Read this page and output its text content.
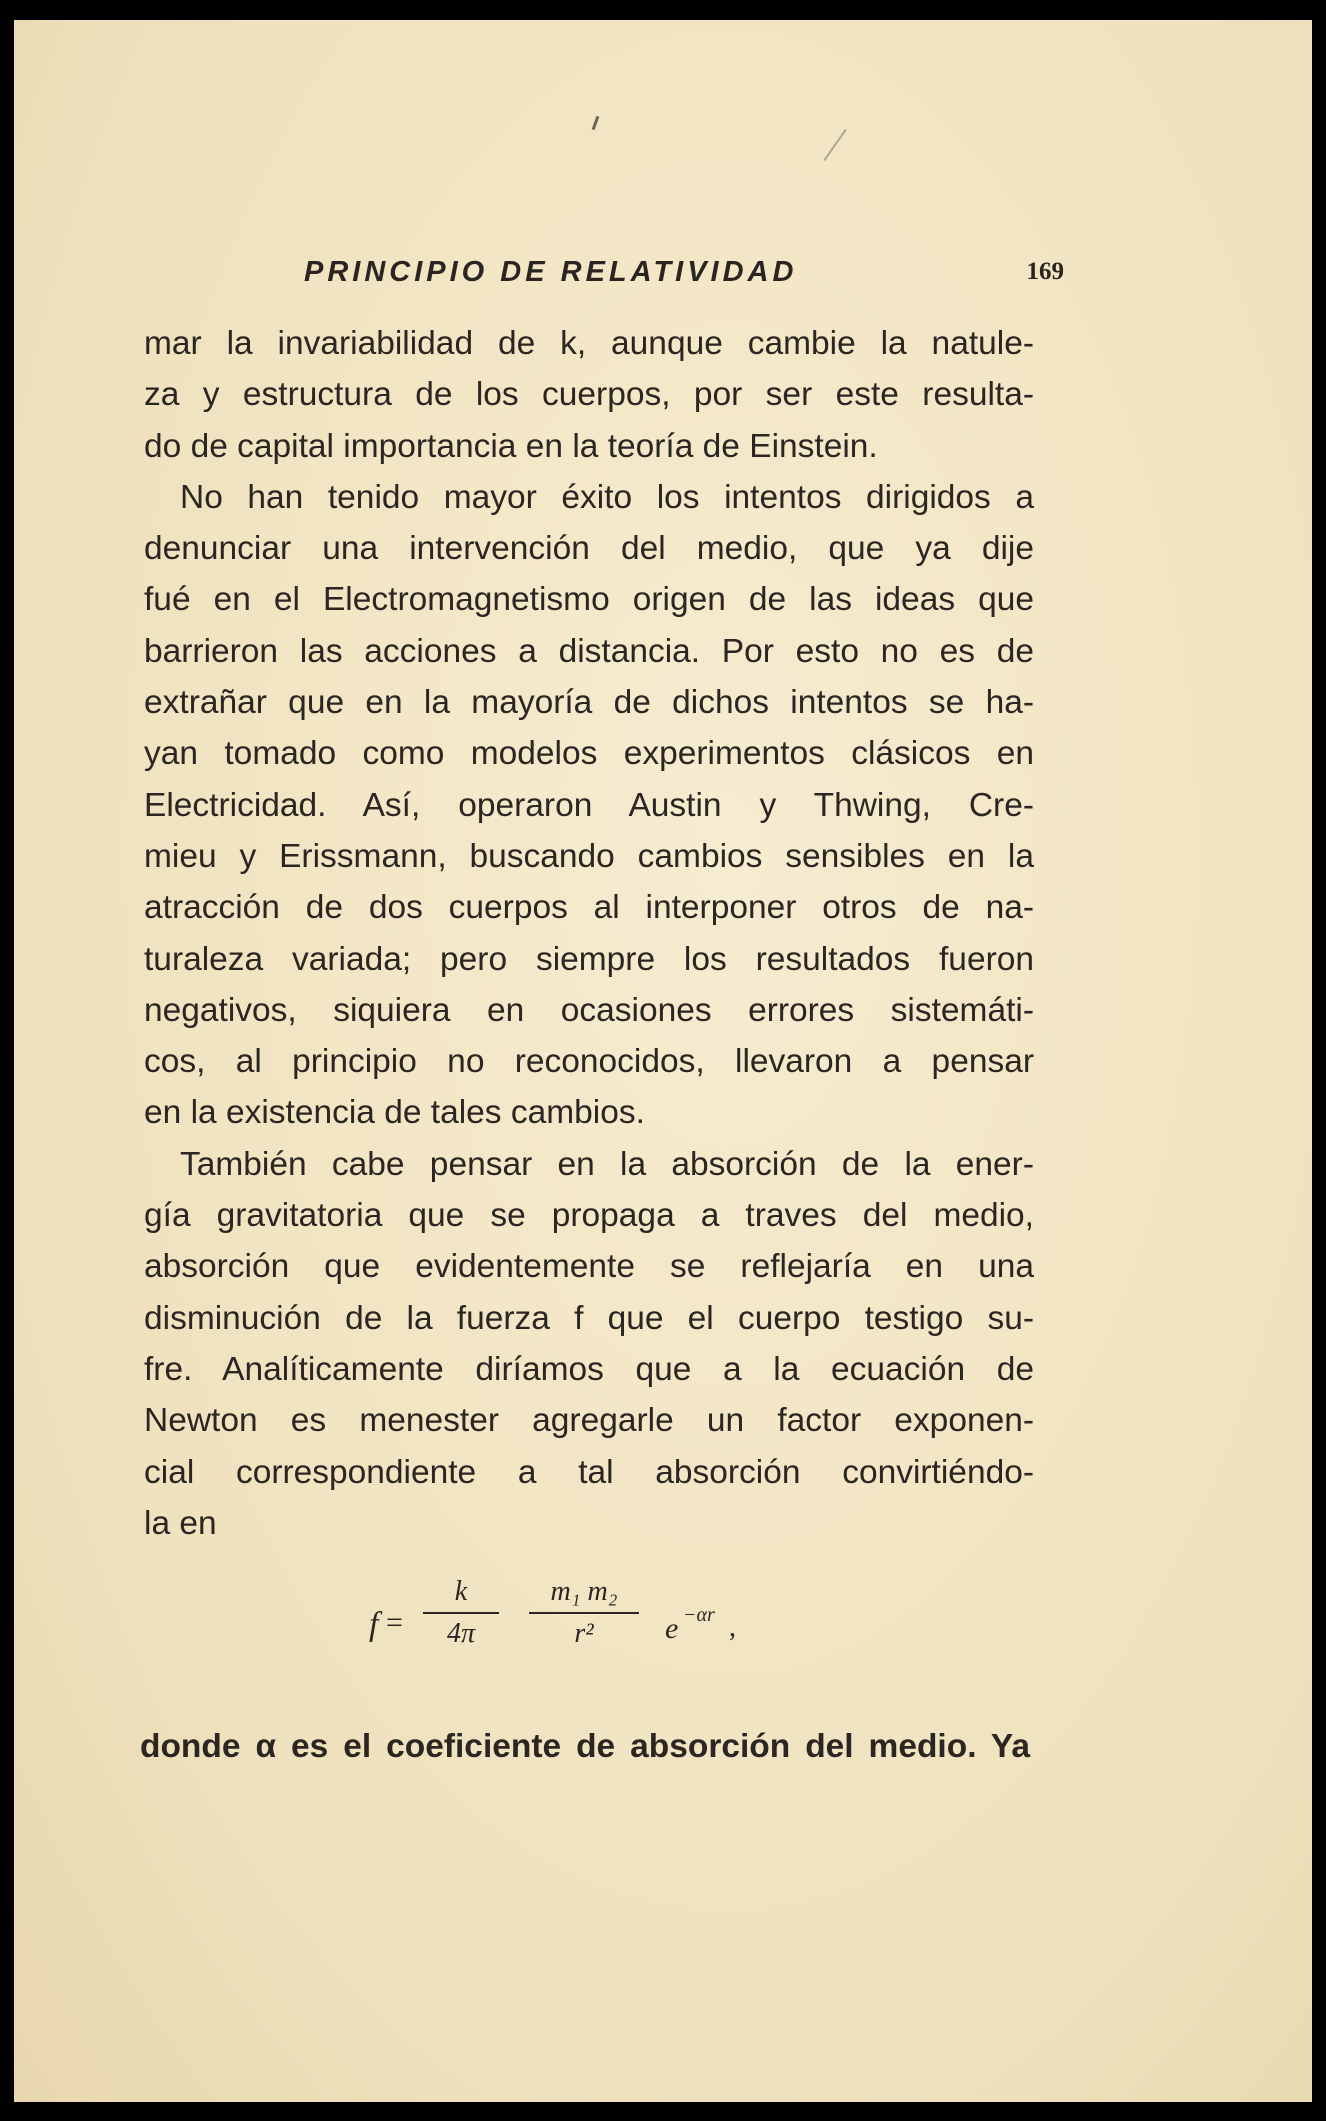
PRINCIPIO DE RELATIVIDAD	169
mar la invariabilidad de k, aunque cambie la natule-
za y estructura de los cuerpos, por ser este resulta-
do de capital importancia en la teoría de Einstein.
No han tenido mayor éxito los intentos dirigidos a
denunciar una intervención del medio, que ya dije
fué en el Electromagnetismo origen de las ideas que
barrieron las acciones a distancia. Por esto no es de
extrañar que en la mayoría de dichos intentos se ha-
yan tomado como modelos experimentos clásicos en
Electricidad. Así, operaron Austin y Thwing, Cre-
mieu y Erissmann, buscando cambios sensibles en la
atracción de dos cuerpos al interponer otros de na-
turaleza variada; pero siempre los resultados fueron
negativos, siquiera en ocasiones errores sistemáti-
cos, al principio no reconocidos, llevaron a pensar
en la existencia de tales cambios.
También cabe pensar en la absorción de la ener-
gía gravitatoria que se propaga a traves del medio,
absorción que evidentemente se reflejaría en una
disminución de la fuerza f que el cuerpo testigo su-
fre. Analíticamente diríamos que a la ecuación de
Newton es menester agregarle un factor exponen-
cial correspondiente a tal absorción convirtiéndo-
la en
f =
k
4π
m₁ m₂
r²	e −αr ,
donde α es el coeficiente de absorción del medio. Ya
